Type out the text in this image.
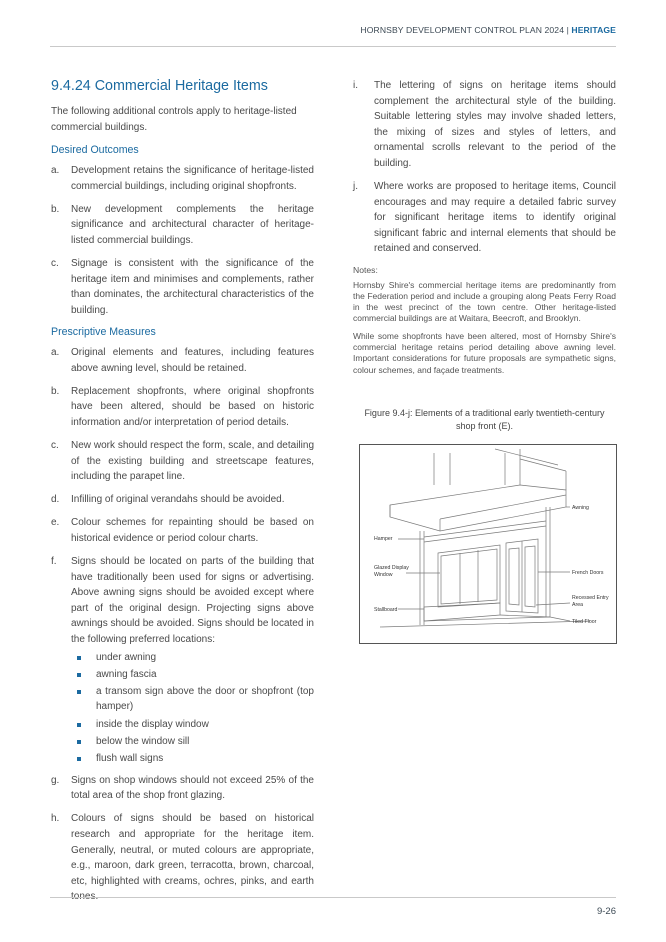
HORNSBY DEVELOPMENT CONTROL PLAN 2024 | HERITAGE
9.4.24 Commercial Heritage Items

The following additional controls apply to heritage-listed commercial buildings.

Desired Outcomes
a.	Development retains the significance of heritage-listed commercial buildings, including original shopfronts.
b.	New development complements the heritage significance and architectural character of heritage-listed commercial buildings.
c.	Signage is consistent with the significance of the heritage item and minimises and complements, rather than dominates, the architectural characteristics of the building.
Prescriptive Measures
a.	Original elements and features, including features above awning level, should be retained.
b.	Replacement shopfronts, where original shopfronts have been altered, should be based on historic information and/or interpretation of period details.
c.	New work should respect the form, scale, and detailing of the existing building and streetscape features, including the parapet line.
d.	Infilling of original verandahs should be avoided.
e.	Colour schemes for repainting should be based on historical evidence or period colour charts.
f.	Signs should be located on parts of the building that have traditionally been used for signs or advertising. Above awning signs should be avoided except where part of the original design. Projecting signs above awnings should be avoided. Signs should be located in the following preferred locations:
under awning
awning fascia
a transom sign above the door or shopfront (top hamper)
inside the display window
below the window sill
flush wall signs
g.	Signs on shop windows should not exceed 25% of the total area of the shop front glazing.
h.	Colours of signs should be based on historical research and appropriate for the heritage item. Generally, neutral, or muted colours are appropriate, e.g., maroon, dark green, terracotta, brown, charcoal, etc, highlighted with creams, ochres, pinks, and earth tones.
i.	The lettering of signs on heritage items should complement the architectural style of the building. Suitable lettering styles may involve shaded letters, the mixing of sizes and styles of letters, and ornamental scrolls relevant to the period of the building.
j.	Where works are proposed to heritage items, Council encourages and may require a detailed fabric survey for significant heritage items to identify original significant fabric and internal elements that should be retained and conserved.
Notes:

Hornsby Shire's commercial heritage items are predominantly from the Federation period and include a grouping along Peats Ferry Road in the west precinct of the town centre. Other heritage-listed commercial buildings are at Waitara, Beecroft, and Brooklyn.

While some shopfronts have been altered, most of Hornsby Shire's commercial heritage retains period detailing above awning level. Important considerations for future proposals are sympathetic signs, colour schemes, and façade treatments.

Figure 9.4-j: Elements of a traditional early twentieth-century
shop front (E).
Awning
Hamper
Glazed Display
Window	French Doors
Recessed Entry
Area
Stallboard
Tiled Floor
9-26
